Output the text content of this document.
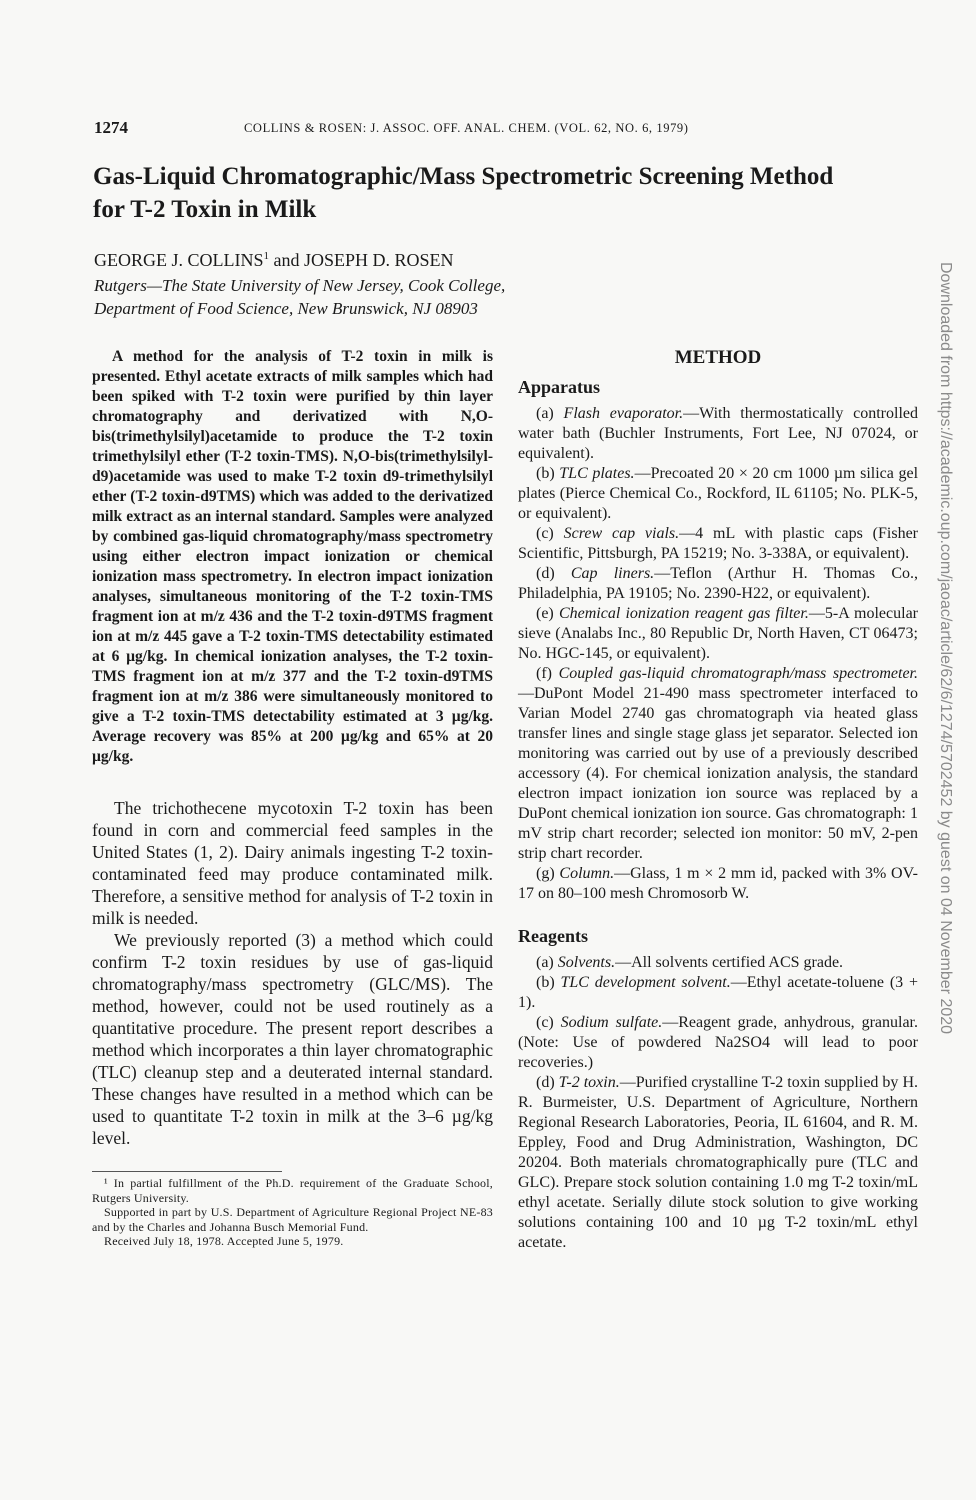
1274	COLLINS & ROSEN: J. ASSOC. OFF. ANAL. CHEM. (VOL. 62, NO. 6, 1979)
Gas-Liquid Chromatographic/Mass Spectrometric Screening Method
for T-2 Toxin in Milk
GEORGE J. COLLINS$^1$ and JOSEPH D. ROSEN
Rutgers—The State University of New Jersey, Cook College,
Department of Food Science, New Brunswick, NJ 08903

A method for the analysis of T-2 toxin in milk is presented. Ethyl acetate extracts of milk samples which had been spiked with T-2 toxin were purified by thin layer chromatography and derivatized with N,O-bis(trimethylsilyl)acetamide to produce the T-2 toxin trimethylsilyl ether (T-2 toxin-TMS). N,O-bis(trimethylsilyl-d9)acetamide was used to make T-2 toxin d9-trimethylsilyl ether (T-2 toxin-d9TMS) which was added to the derivatized milk extract as an internal standard. Samples were analyzed by combined gas-liquid chromatography/mass spectrometry using either electron impact ionization or chemical ionization mass spectrometry. In electron impact ionization analyses, simultaneous monitoring of the T-2 toxin-TMS fragment ion at m/z 436 and the T-2 toxin-d9TMS fragment ion at m/z 445 gave a T-2 toxin-TMS detectability estimated at 6 µg/kg. In chemical ionization analyses, the T-2 toxin-TMS fragment ion at m/z 377 and the T-2 toxin-d9TMS fragment ion at m/z 386 were simultaneously monitored to give a T-2 toxin-TMS detectability estimated at 3 µg/kg. Average recovery was 85% at 200 µg/kg and 65% at 20 µg/kg.

The trichothecene mycotoxin T-2 toxin has been found in corn and commercial feed samples in the United States (1, 2). Dairy animals ingesting T-2 toxin-contaminated feed may produce contaminated milk. Therefore, a sensitive method for analysis of T-2 toxin in milk is needed.

We previously reported (3) a method which could confirm T-2 toxin residues by use of gas-liquid chromatography/mass spectrometry (GLC/MS). The method, however, could not be used routinely as a quantitative procedure. The present report describes a method which incorporates a thin layer chromatographic (TLC) cleanup step and a deuterated internal standard. These changes have resulted in a method which can be used to quantitate T-2 toxin in milk at the 3–6 µg/kg level.

¹ In partial fulfillment of the Ph.D. requirement of the Graduate School, Rutgers University.

Supported in part by U.S. Department of Agriculture Regional Project NE-83 and by the Charles and Johanna Busch Memorial Fund.

Received July 18, 1978. Accepted June 5, 1979.

METHOD
Apparatus

(a) Flash evaporator.—With thermostatically controlled water bath (Buchler Instruments, Fort Lee, NJ 07024, or equivalent).

(b) TLC plates.—Precoated 20 × 20 cm 1000 µm silica gel plates (Pierce Chemical Co., Rockford, IL 61105; No. PLK-5, or equivalent).

(c) Screw cap vials.—4 mL with plastic caps (Fisher Scientific, Pittsburgh, PA 15219; No. 3-338A, or equivalent).

(d) Cap liners.—Teflon (Arthur H. Thomas Co., Philadelphia, PA 19105; No. 2390-H22, or equivalent).

(e) Chemical ionization reagent gas filter.—5-A molecular sieve (Analabs Inc., 80 Republic Dr, North Haven, CT 06473; No. HGC-145, or equivalent).

(f) Coupled gas-liquid chromatograph/mass spectrometer.—DuPont Model 21-490 mass spectrometer interfaced to Varian Model 2740 gas chromatograph via heated glass transfer lines and single stage glass jet separator. Selected ion monitoring was carried out by use of a previously described accessory (4). For chemical ionization analysis, the standard electron impact ionization ion source was replaced by a DuPont chemical ionization ion source. Gas chromatograph: 1 mV strip chart recorder; selected ion monitor: 50 mV, 2-pen strip chart recorder.

(g) Column.—Glass, 1 m × 2 mm id, packed with 3% OV-17 on 80–100 mesh Chromosorb W.

Reagents

(a) Solvents.—All solvents certified ACS grade.

(b) TLC development solvent.—Ethyl acetate-toluene (3 + 1).

(c) Sodium sulfate.—Reagent grade, anhydrous, granular. (Note: Use of powdered Na2SO4 will lead to poor recoveries.)

(d) T-2 toxin.—Purified crystalline T-2 toxin supplied by H. R. Burmeister, U.S. Department of Agriculture, Northern Regional Research Laboratories, Peoria, IL 61604, and R. M. Eppley, Food and Drug Administration, Washington, DC 20204. Both materials chromatographically pure (TLC and GLC). Prepare stock solution containing 1.0 mg T-2 toxin/mL ethyl acetate. Serially dilute stock solution to give working solutions containing 100 and 10 µg T-2 toxin/mL ethyl acetate.

Downloaded from https://academic.oup.com/jaoac/article/62/6/1274/5702452 by guest on 04 November 2020
